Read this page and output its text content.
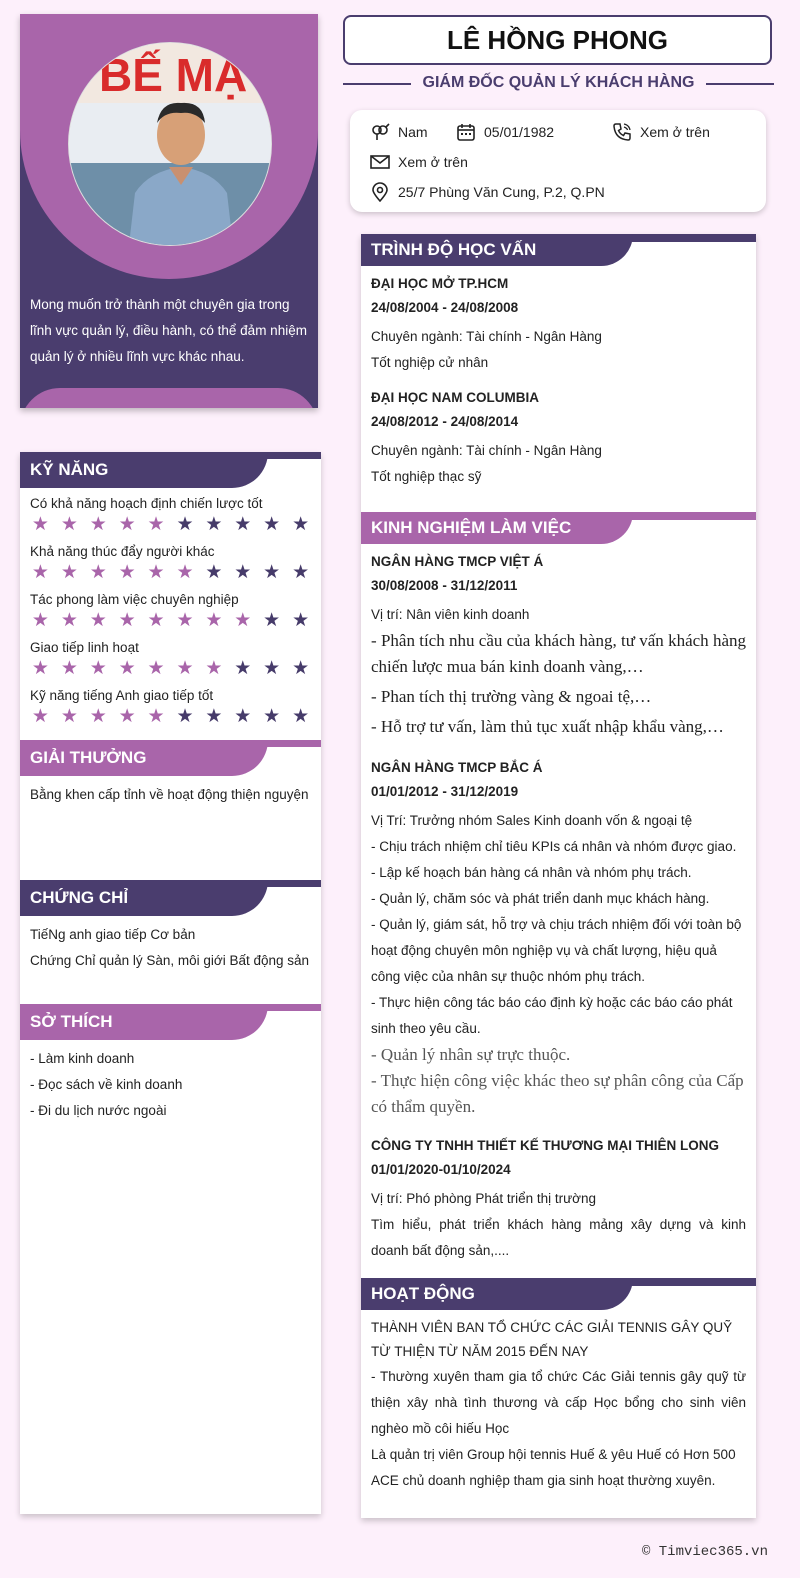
BẾ MẠ
Mong muốn trở thành một chuyên gia trong lĩnh vực quản lý, điều hành, có thể đảm nhiệm quản lý ở nhiều lĩnh vực khác nhau.
KỸ NĂNG
Có khả năng hoạch định chiến lược tốt
★ ★ ★ ★ ★ ★ ★ ★ ★ ★
Khả năng thúc đẩy người khác
★ ★ ★ ★ ★ ★ ★ ★ ★ ★
Tác phong làm việc chuyên nghiệp
★ ★ ★ ★ ★ ★ ★ ★ ★ ★
Giao tiếp linh hoạt
★ ★ ★ ★ ★ ★ ★ ★ ★ ★
Kỹ năng tiếng Anh giao tiếp tốt
★ ★ ★ ★ ★ ★ ★ ★ ★ ★
GIẢI THƯỞNG
Bằng khen cấp tỉnh về hoạt động thiện nguyện
CHỨNG CHỈ
TiếNg anh giao tiếp Cơ bản
Chứng Chỉ quản lý Sàn, môi giới Bất động sản
SỞ THÍCH
- Làm kinh doanh
- Đọc sách về kinh doanh
- Đi du lịch nước ngoài
LÊ HỒNG PHONG
GIÁM ĐỐC QUẢN LÝ KHÁCH HÀNG
Nam	05/01/1982	Xem ở trên
Xem ở trên
25/7 Phùng Văn Cung, P.2, Q.PN
TRÌNH ĐỘ HỌC VẤN
ĐẠI HỌC MỞ TP.HCM
24/08/2004 - 24/08/2008
Chuyên ngành: Tài chính - Ngân Hàng
Tốt nghiệp cử nhân
ĐẠI HỌC NAM COLUMBIA
24/08/2012 - 24/08/2014
Chuyên ngành: Tài chính - Ngân Hàng
Tốt nghiệp thạc sỹ
KINH NGHIỆM LÀM VIỆC
NGÂN HÀNG TMCP VIỆT Á
30/08/2008 - 31/12/2011
Vị trí: Nân viên kinh doanh
- Phân tích nhu cầu của khách hàng, tư vấn khách hàng chiến lược mua bán kinh doanh vàng,…
- Phan tích thị trường vàng & ngoai tệ,…
- Hỗ trợ tư vấn, làm thủ tục xuất nhập khẩu vàng,…
NGÂN HÀNG TMCP BẮC Á
01/01/2012 - 31/12/2019
Vị Trí: Trưởng nhóm Sales Kinh doanh vốn & ngoại tệ
- Chịu trách nhiệm chỉ tiêu KPIs cá nhân và nhóm được giao.
- Lập kế hoạch bán hàng cá nhân và nhóm phụ trách.
- Quản lý, chăm sóc và phát triển danh mục khách hàng.
- Quản lý, giám sát, hỗ trợ và chịu trách nhiệm đối với toàn bộ hoạt động chuyên môn nghiệp vụ và chất lượng, hiệu quả công việc của nhân sự thuộc nhóm phụ trách.
- Thực hiện công tác báo cáo định kỳ hoặc các báo cáo phát sinh theo yêu cầu.
- Quản lý nhân sự trực thuộc.
- Thực hiện công việc khác theo sự phân công của Cấp có thẩm quyền.
CÔNG TY TNHH THIẾT KẾ THƯƠNG MẠI THIÊN LONG
01/01/2020-01/10/2024
Vị trí: Phó phòng Phát triển thị trường
Tìm hiểu, phát triển khách hàng mảng xây dựng và kinh doanh bất động sản,....
HOẠT ĐỘNG
THÀNH VIÊN BAN TỔ CHỨC CÁC GIẢI TENNIS GÂY QUỸ TỪ THIỆN TỪ NĂM 2015 ĐẾN NAY
- Thường xuyên tham gia tổ chức Các Giải tennis gây quỹ từ thiện xây nhà tình thương và cấp Học bổng cho sinh viên nghèo mồ côi hiếu Học
Là quản trị viên Group hội tennis Huế & yêu Huế có Hơn 500 ACE chủ doanh nghiệp tham gia sinh hoạt thường xuyên.
© Timviec365.vn
